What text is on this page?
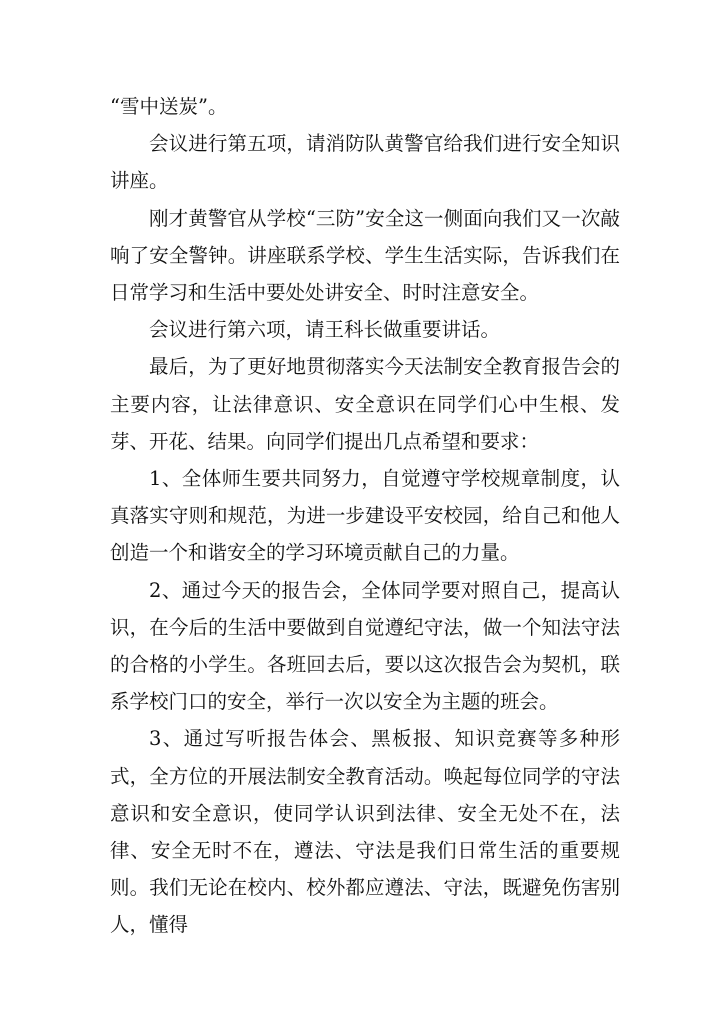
“雪中送炭”。

会议进行第五项，请消防队黄警官给我们进行安全知识讲座。

刚才黄警官从学校“三防”安全这一侧面向我们又一次敲响了安全警钟。讲座联系学校、学生生活实际，告诉我们在日常学习和生活中要处处讲安全、时时注意安全。

会议进行第六项，请王科长做重要讲话。

最后，为了更好地贯彻落实今天法制安全教育报告会的主要内容，让法律意识、安全意识在同学们心中生根、发芽、开花、结果。向同学们提出几点希望和要求：

1、全体师生要共同努力，自觉遵守学校规章制度，认真落实守则和规范，为进一步建设平安校园，给自己和他人创造一个和谐安全的学习环境贡献自己的力量。

2、通过今天的报告会，全体同学要对照自己，提高认识，在今后的生活中要做到自觉遵纪守法，做一个知法守法的合格的小学生。各班回去后，要以这次报告会为契机，联系学校门口的安全，举行一次以安全为主题的班会。

3、通过写听报告体会、黑板报、知识竞赛等多种形式，全方位的开展法制安全教育活动。唤起每位同学的守法意识和安全意识，使同学认识到法律、安全无处不在，法律、安全无时不在，遵法、守法是我们日常生活的重要规则。我们无论在校内、校外都应遵法、守法，既避免伤害别人，懂得
